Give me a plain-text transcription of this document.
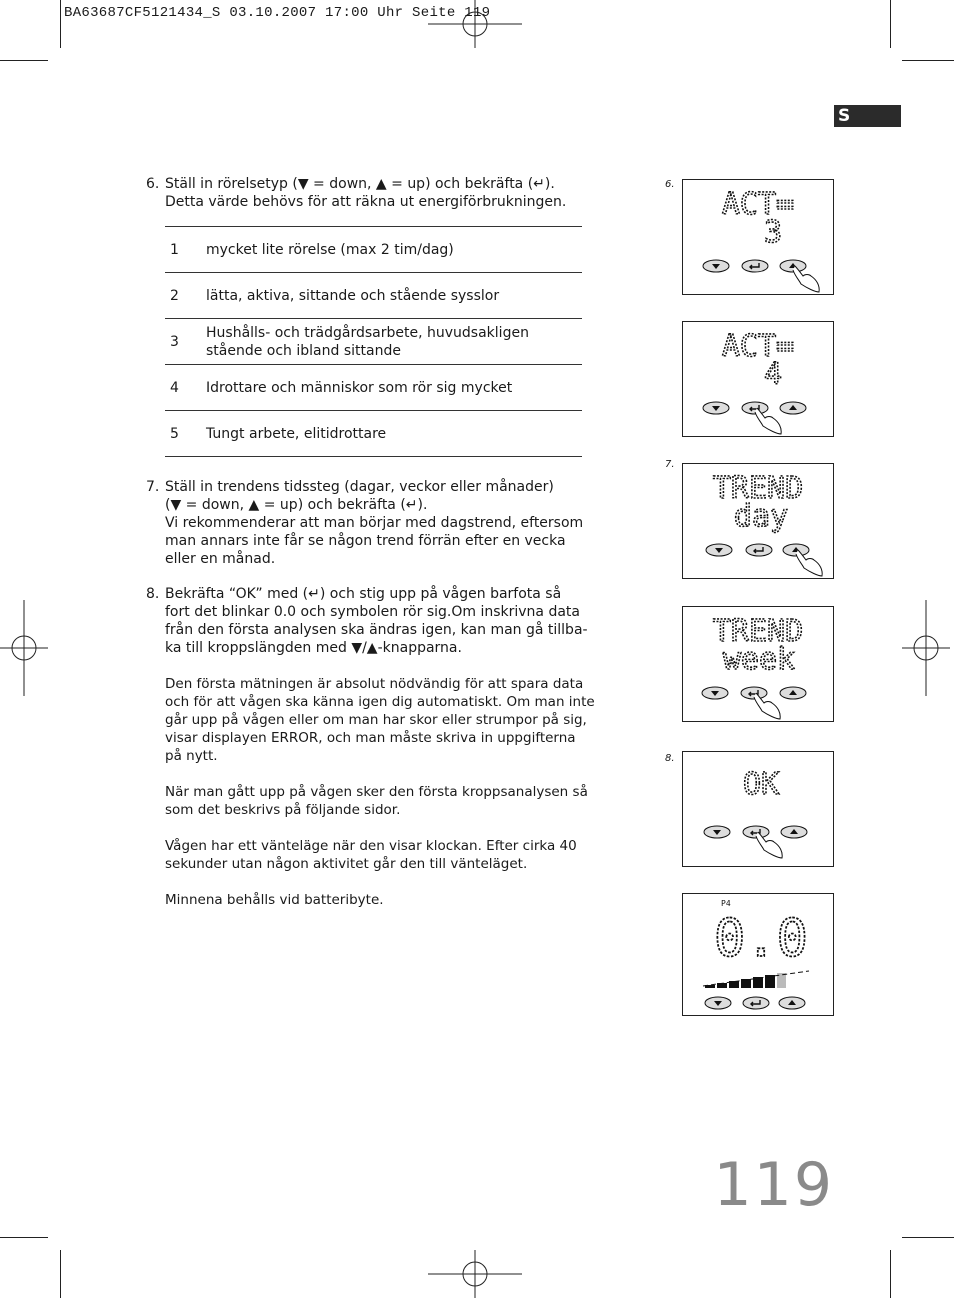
BA63687CF5121434_S 03.10.2007 17:00 Uhr Seite 119
S
6. Ställ in rörelsetyp (▼ = down, ▲ = up) och bekräfta (↵).

Detta värde behövs för att räkna ut energiförbrukningen.

1 mycket lite rörelse (max 2 tim/dag)
2 lätta, aktiva, sittande och stående sysslor
3
Hushålls- och trädgårdsarbete, huvudsakligen stående och ibland sittande
4 Idrottare och människor som rör sig mycket
5 Tungt arbete, elitidrottare
7. Ställ in trendens tidssteg (dagar, veckor eller månader)

(▼ = down, ▲ = up) och bekräfta (↵).

Vi rekommenderar att man börjar med dagstrend, eftersom

man annars inte får se någon trend förrän efter en vecka

eller en månad.

8. Bekräfta “OK” med (↵) och stig upp på vågen barfota så

fort det blinkar 0.0 och symbolen rör sig.Om inskrivna data

från den första analysen ska ändras igen, kan man gå tillba-

ka till kroppslängden med ▼/▲-knapparna.

Den första mätningen är absolut nödvändig för att spara data och för att vågen ska känna igen dig automatiskt. Om man inte går upp på vågen eller om man har skor eller strumpor på sig, visar displayen ERROR, och man måste skriva in uppgifterna på nytt.

När man gått upp på vågen sker den första kroppsanalysen så som det beskrivs på följande sidor.

Vågen har ett vänteläge när den visar klockan. Efter cirka 40 sekunder utan någon aktivitet går den till vänteläget.

Minnena behålls vid batteribyte.

6.
7.
8.
ACT=
3
ACT=
4
TREND
day
TREND
week
OK
P4
0.0
119
